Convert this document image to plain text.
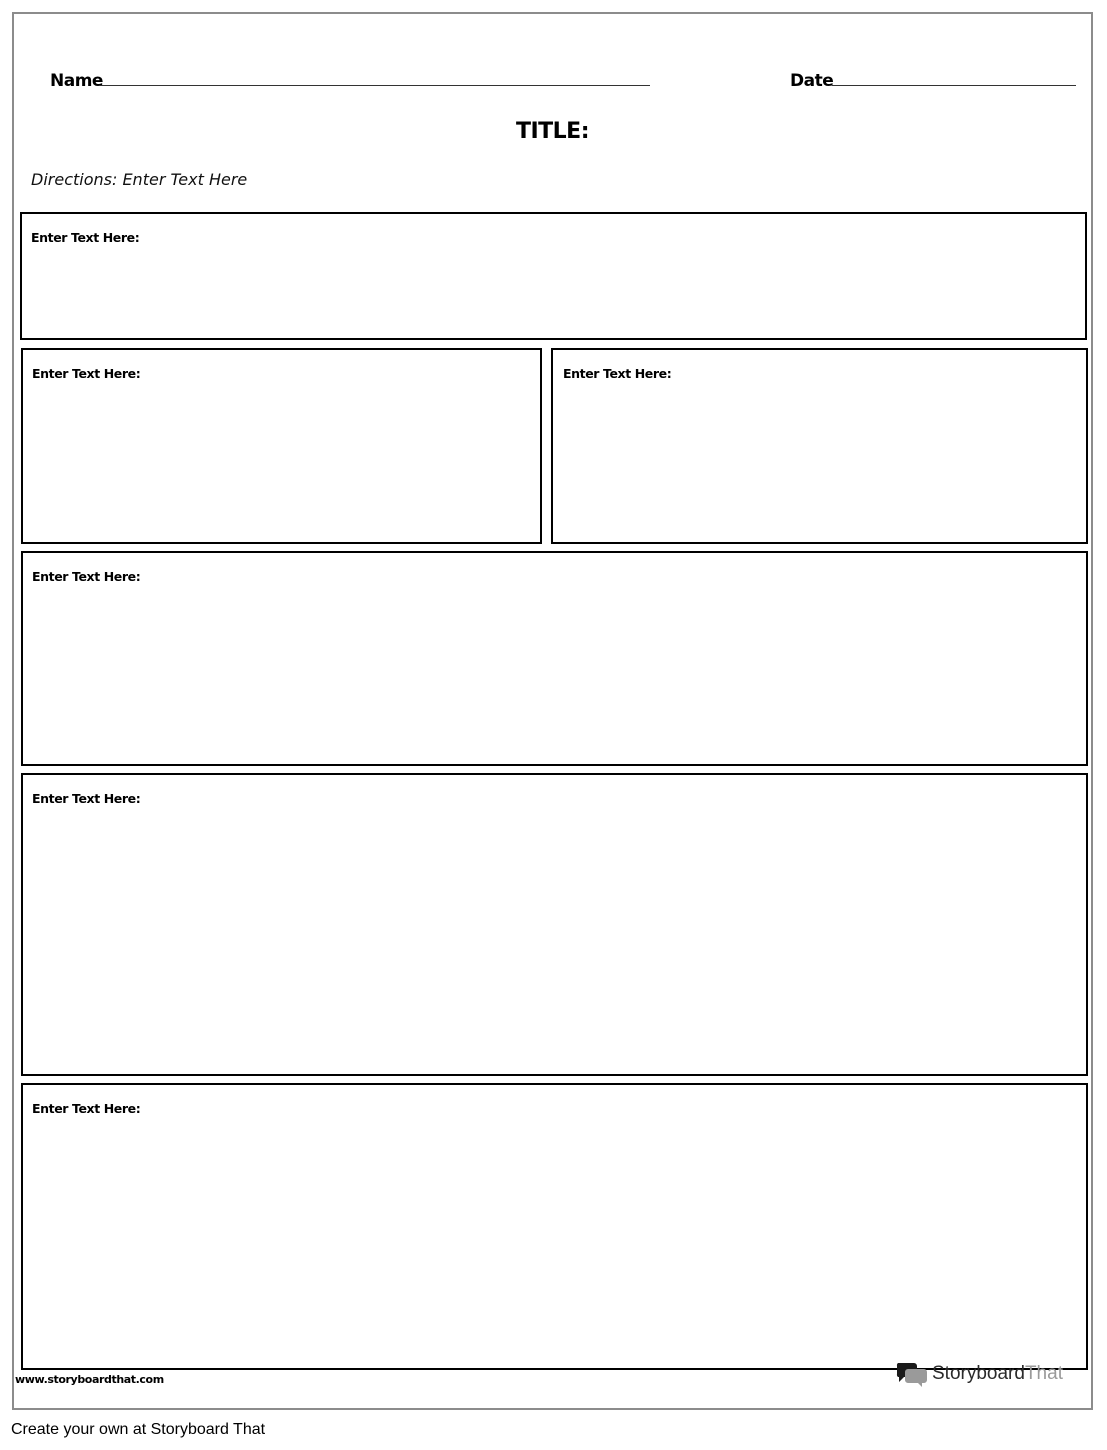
Name	Date
TITLE:
Directions: Enter Text Here
Enter Text Here:
Enter Text Here:	Enter Text Here:
Enter Text Here:
Enter Text Here:
Enter Text Here:
www.storyboardthat.com	Storyboard That
Create your own at Storyboard That
